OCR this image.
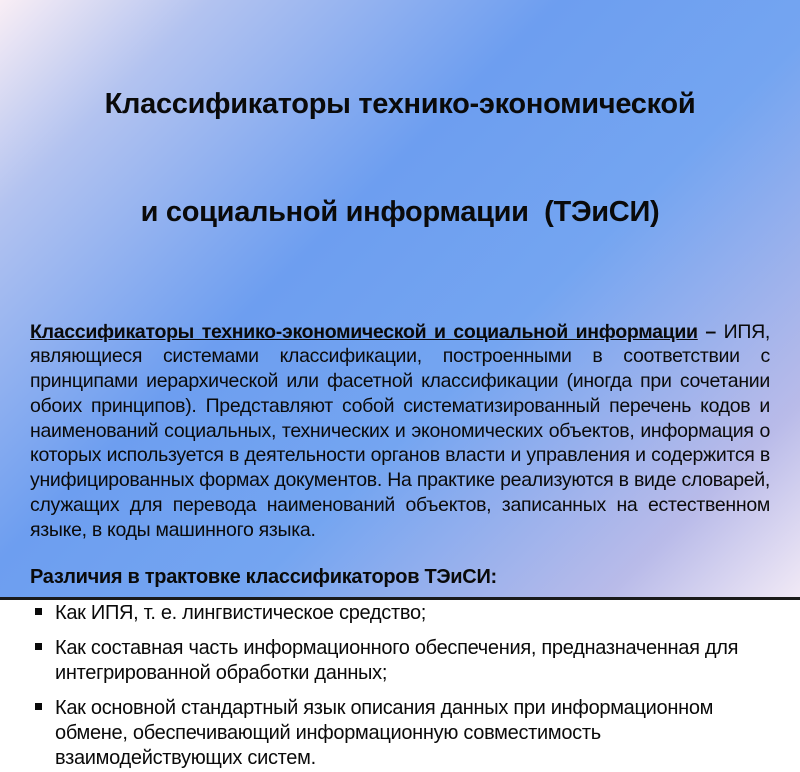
Классификаторы технико-экономической

и социальной информации  (ТЭиСИ)

Классификаторы технико-экономической и социальной информации – ИПЯ, являющиеся системами классификации, построенными в соответствии с принципами иерархической или фасетной классификации (иногда при сочетании обоих принципов). Представляют собой систематизированный перечень кодов и наименований социальных, технических и экономических объектов, информация о которых используется в деятельности органов власти и управления и содержится в унифицированных формах документов. На практике реализуются в виде словарей, служащих для перевода наименований объектов, записанных на естественном языке, в коды машинного языка.

Различия в трактовке классификаторов ТЭиСИ:

Как ИПЯ, т. е. лингвистическое средство;
Как составная часть информационного обеспечения, предназначенная для интегрированной обработки данных;
Как основной стандартный язык описания данных при информационном обмене, обеспечивающий информационную совместимость взаимодействующих систем.
